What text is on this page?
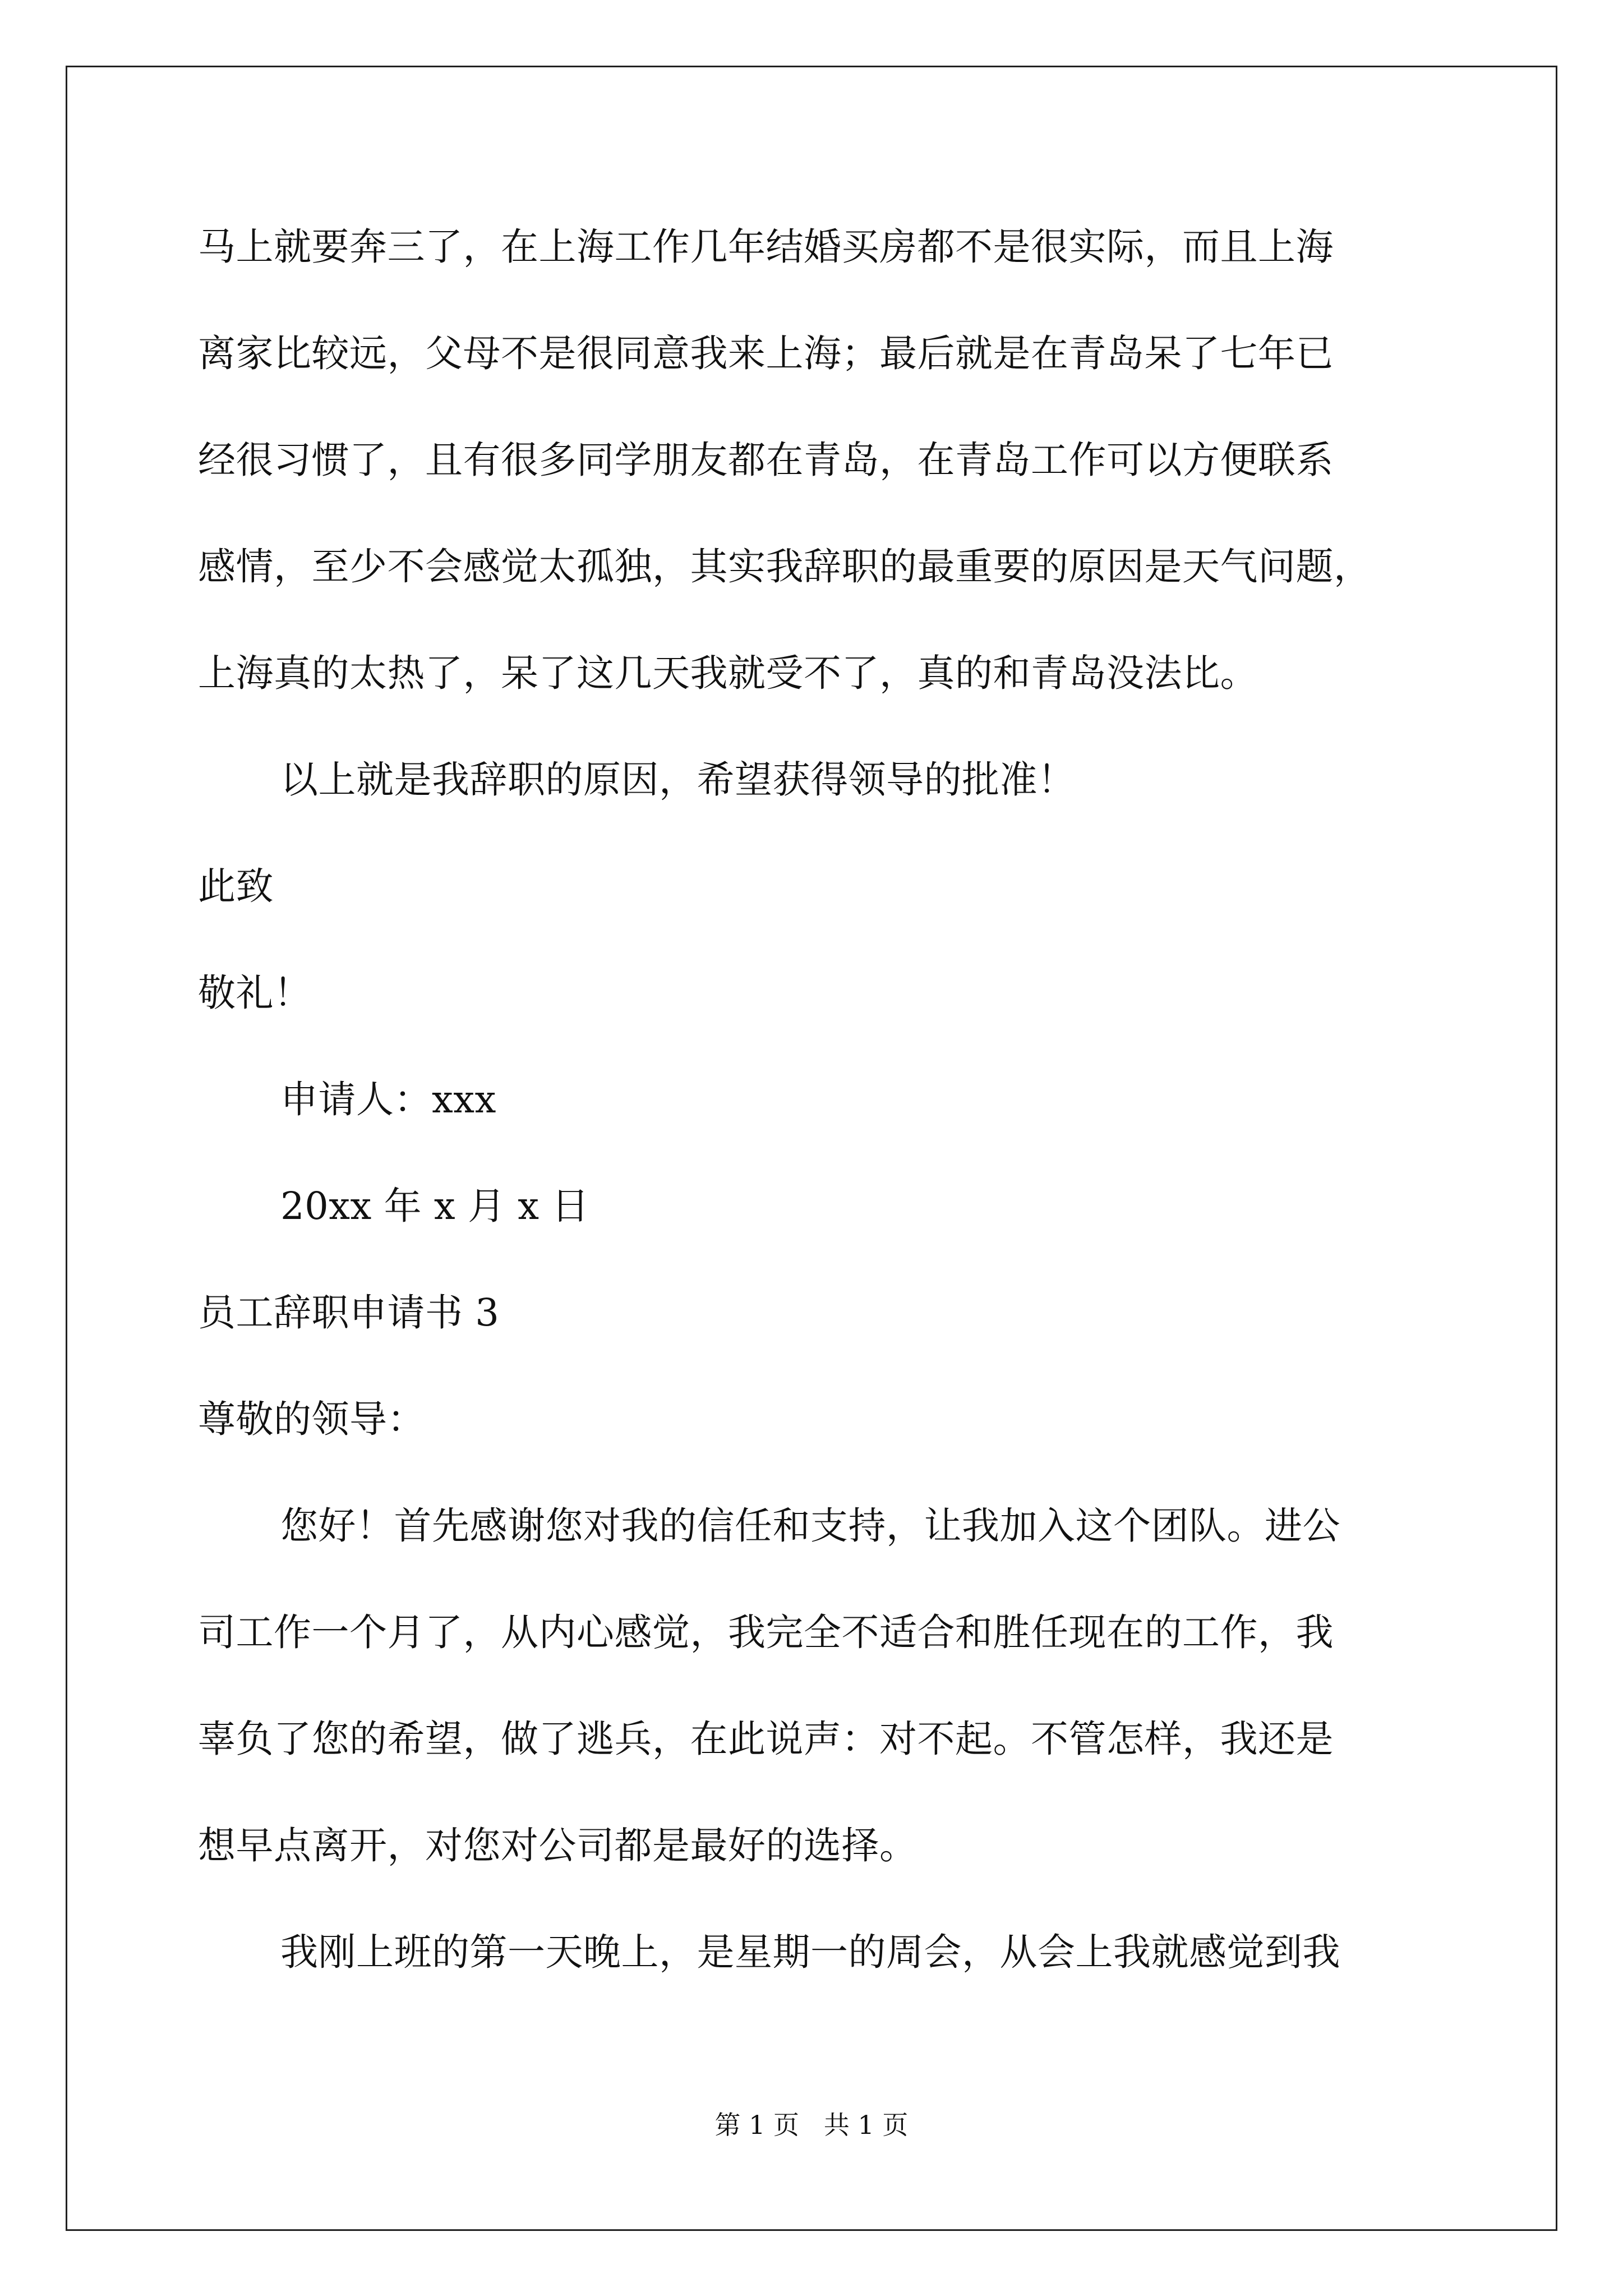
马上就要奔三了，在上海工作几年结婚买房都不是很实际，而且上海
离家比较远，父母不是很同意我来上海；最后就是在青岛呆了七年已
经很习惯了，且有很多同学朋友都在青岛，在青岛工作可以方便联系
感情，至少不会感觉太孤独，其实我辞职的最重要的原因是天气问题，
上海真的太热了，呆了这几天我就受不了，真的和青岛没法比。
以上就是我辞职的原因，希望获得领导的批准！
此致
敬礼！
申请人：xxx
20xx 年 x 月 x 日
员工辞职申请书 3
尊敬的领导：
您好！首先感谢您对我的信任和支持，让我加入这个团队。进公
司工作一个月了，从内心感觉，我完全不适合和胜任现在的工作，我
辜负了您的希望，做了逃兵，在此说声：对不起。不管怎样，我还是
想早点离开，对您对公司都是最好的选择。
我刚上班的第一天晚上，是星期一的周会，从会上我就感觉到我
第 1 页   共 1 页
